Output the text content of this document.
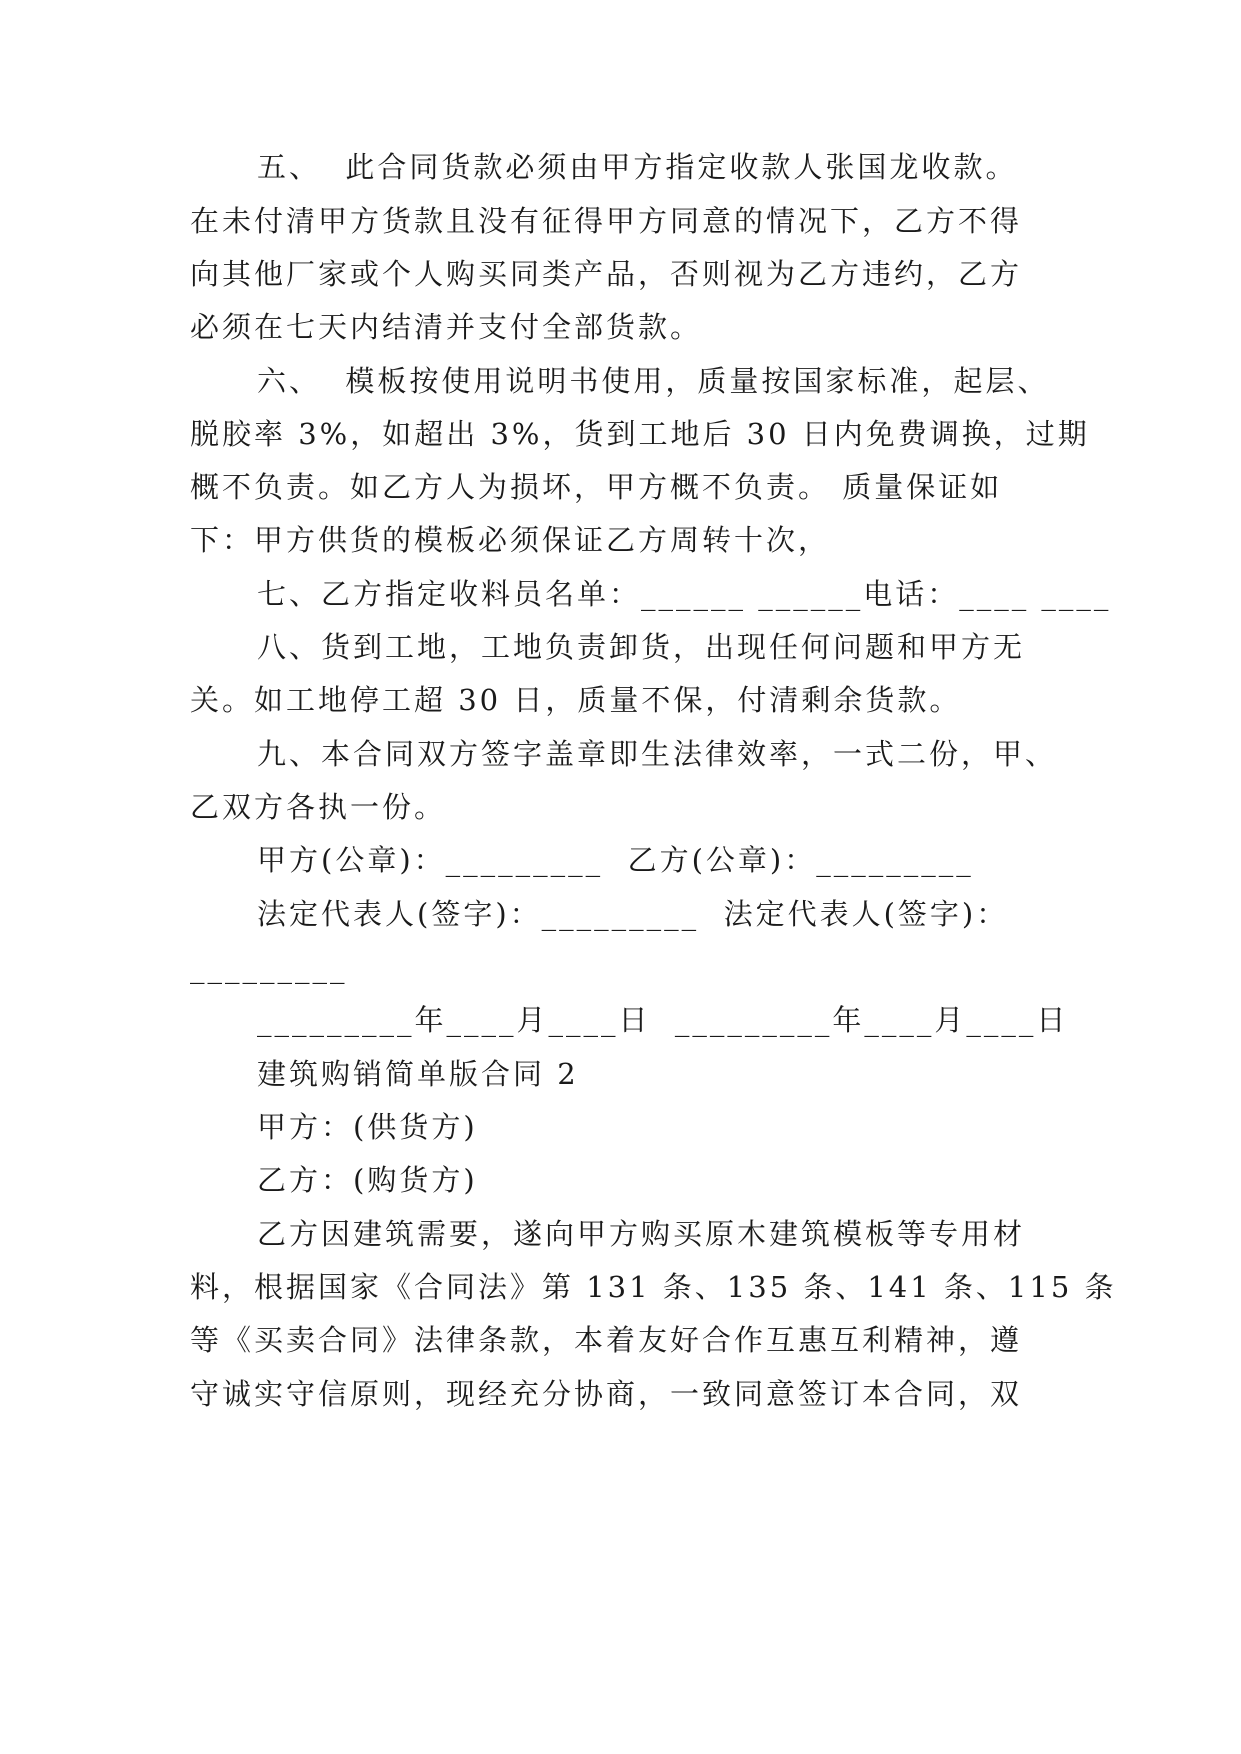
五、  此合同货款必须由甲方指定收款人张国龙收款。

在未付清甲方货款且没有征得甲方同意的情况下，乙方不得

向其他厂家或个人购买同类产品，否则视为乙方违约，乙方

必须在七天内结清并支付全部货款。

六、  模板按使用说明书使用，质量按国家标准，起层、

脱胶率 3%，如超出 3%，货到工地后 30 日内免费调换，过期

概不负责。如乙方人为损坏，甲方概不负责。 质量保证如

下：甲方供货的模板必须保证乙方周转十次，

七、乙方指定收料员名单：______ ______电话：____ ____

八、货到工地，工地负责卸货，出现任何问题和甲方无

关。如工地停工超 30 日，质量不保，付清剩余货款。

九、本合同双方签字盖章即生法律效率，一式二份，甲、

乙双方各执一份。

甲方(公章)：_________  乙方(公章)：_________

法定代表人(签字)：_________  法定代表人(签字)：

_________

_________年____月____日  _________年____月____日

建筑购销简单版合同 2

甲方：(供货方)

乙方：(购货方)

乙方因建筑需要，遂向甲方购买原木建筑模板等专用材

料，根据国家《合同法》第 131 条、135 条、141 条、115 条

等《买卖合同》法律条款，本着友好合作互惠互利精神，遵

守诚实守信原则，现经充分协商，一致同意签订本合同，双
